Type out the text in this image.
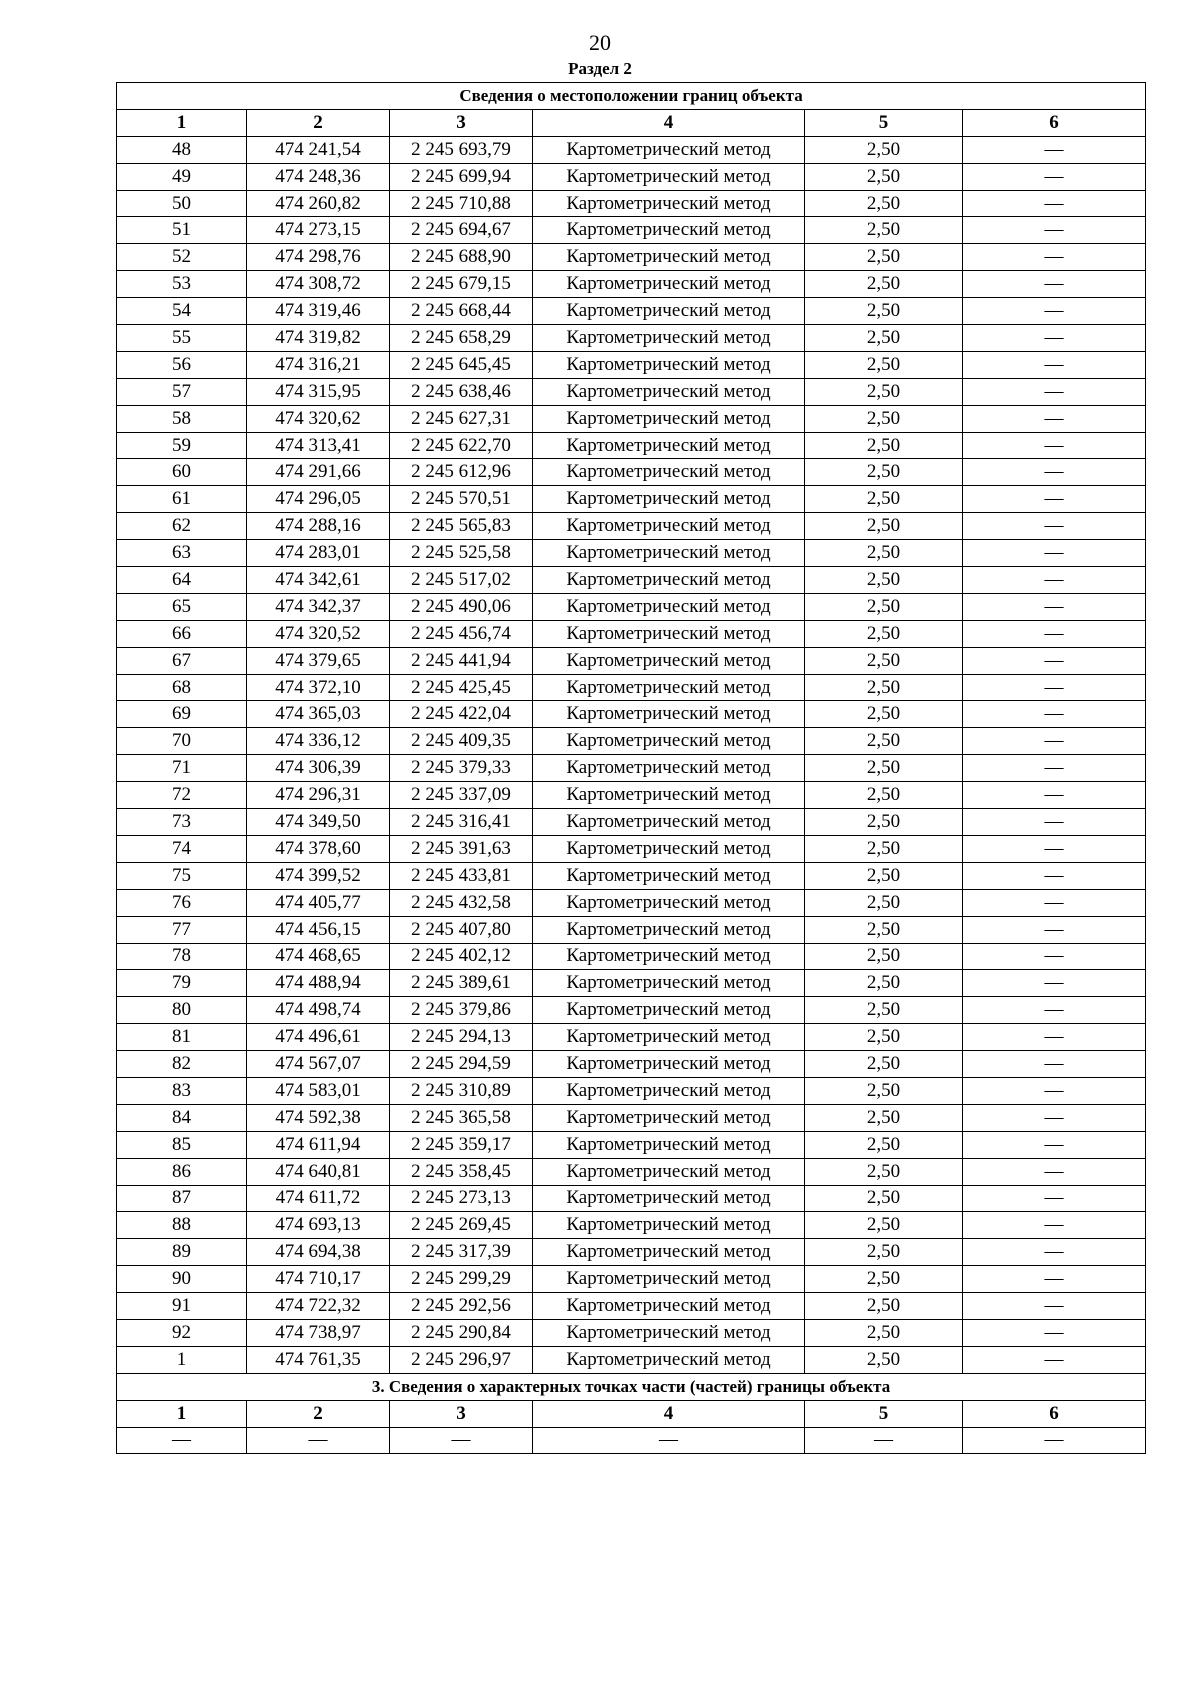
20
Раздел 2
Сведения о местоположении границ объекта					
1	2	3	4	5	6
48	474 241,54	2 245 693,79	Картометрический метод	2,50	—
49	474 248,36	2 245 699,94	Картометрический метод	2,50	—
50	474 260,82	2 245 710,88	Картометрический метод	2,50	—
51	474 273,15	2 245 694,67	Картометрический метод	2,50	—
52	474 298,76	2 245 688,90	Картометрический метод	2,50	—
53	474 308,72	2 245 679,15	Картометрический метод	2,50	—
54	474 319,46	2 245 668,44	Картометрический метод	2,50	—
55	474 319,82	2 245 658,29	Картометрический метод	2,50	—
56	474 316,21	2 245 645,45	Картометрический метод	2,50	—
57	474 315,95	2 245 638,46	Картометрический метод	2,50	—
58	474 320,62	2 245 627,31	Картометрический метод	2,50	—
59	474 313,41	2 245 622,70	Картометрический метод	2,50	—
60	474 291,66	2 245 612,96	Картометрический метод	2,50	—
61	474 296,05	2 245 570,51	Картометрический метод	2,50	—
62	474 288,16	2 245 565,83	Картометрический метод	2,50	—
63	474 283,01	2 245 525,58	Картометрический метод	2,50	—
64	474 342,61	2 245 517,02	Картометрический метод	2,50	—
65	474 342,37	2 245 490,06	Картометрический метод	2,50	—
66	474 320,52	2 245 456,74	Картометрический метод	2,50	—
67	474 379,65	2 245 441,94	Картометрический метод	2,50	—
68	474 372,10	2 245 425,45	Картометрический метод	2,50	—
69	474 365,03	2 245 422,04	Картометрический метод	2,50	—
70	474 336,12	2 245 409,35	Картометрический метод	2,50	—
71	474 306,39	2 245 379,33	Картометрический метод	2,50	—
72	474 296,31	2 245 337,09	Картометрический метод	2,50	—
73	474 349,50	2 245 316,41	Картометрический метод	2,50	—
74	474 378,60	2 245 391,63	Картометрический метод	2,50	—
75	474 399,52	2 245 433,81	Картометрический метод	2,50	—
76	474 405,77	2 245 432,58	Картометрический метод	2,50	—
77	474 456,15	2 245 407,80	Картометрический метод	2,50	—
78	474 468,65	2 245 402,12	Картометрический метод	2,50	—
79	474 488,94	2 245 389,61	Картометрический метод	2,50	—
80	474 498,74	2 245 379,86	Картометрический метод	2,50	—
81	474 496,61	2 245 294,13	Картометрический метод	2,50	—
82	474 567,07	2 245 294,59	Картометрический метод	2,50	—
83	474 583,01	2 245 310,89	Картометрический метод	2,50	—
84	474 592,38	2 245 365,58	Картометрический метод	2,50	—
85	474 611,94	2 245 359,17	Картометрический метод	2,50	—
86	474 640,81	2 245 358,45	Картометрический метод	2,50	—
87	474 611,72	2 245 273,13	Картометрический метод	2,50	—
88	474 693,13	2 245 269,45	Картометрический метод	2,50	—
89	474 694,38	2 245 317,39	Картометрический метод	2,50	—
90	474 710,17	2 245 299,29	Картометрический метод	2,50	—
91	474 722,32	2 245 292,56	Картометрический метод	2,50	—
92	474 738,97	2 245 290,84	Картометрический метод	2,50	—
1	474 761,35	2 245 296,97	Картометрический метод	2,50	—
3. Сведения о характерных точках части (частей) границы объекта					
1	2	3	4	5	6
—	—	—	—	—	—
